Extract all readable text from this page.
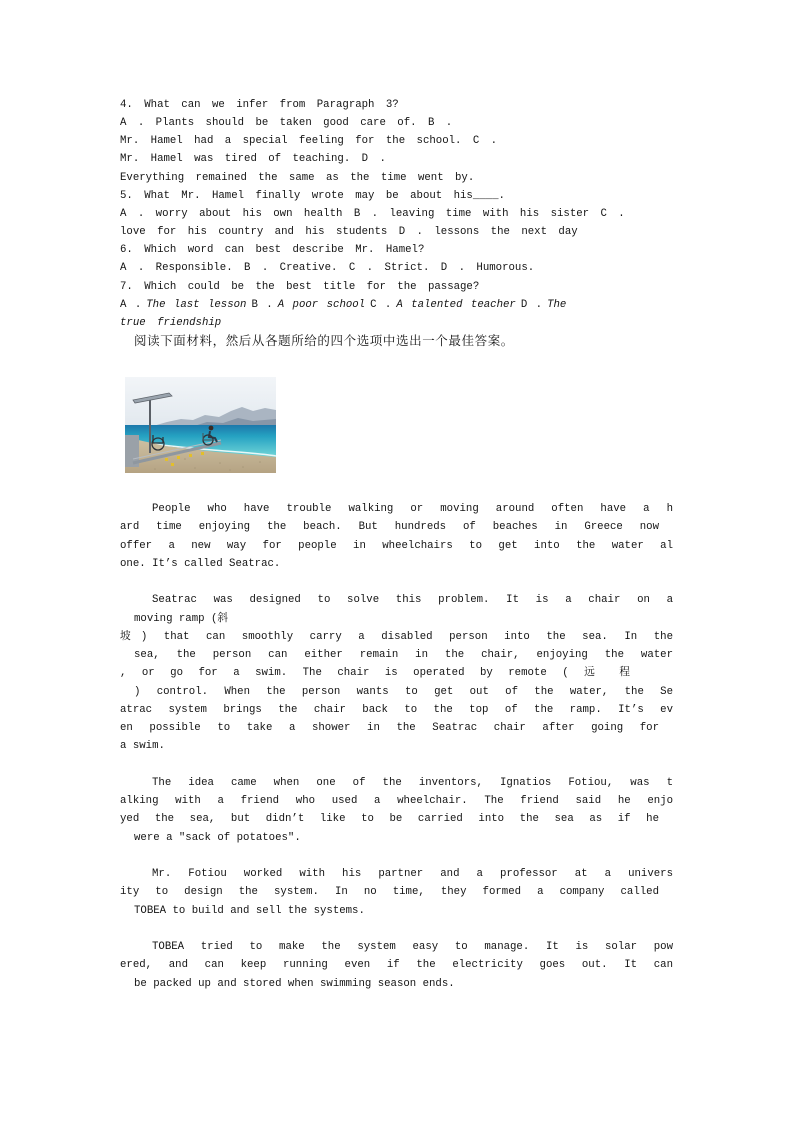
4. What can we infer from Paragraph 3?
A . Plants should be taken good care of. B .
Mr. Hamel had a special feeling for the school. C .
Mr. Hamel was tired of teaching. D .
Everything remained the same as the time went by.
5. What Mr. Hamel finally wrote may be about his____.
A . worry about his own health B . leaving time with his sister C .
love for his country and his students D . lessons the next day
6. Which word can best describe Mr. Hamel?
A . Responsible. B . Creative. C . Strict. D . Humorous.
7. Which could be the best title for the passage?
A . The last lesson B . A poor school C . A talented teacher D . The
true friendship
阅读下面材料，然后从各题所给的四个选项中选出一个最佳答案。
People who have trouble walking or moving around often have a h
ard time enjoying the beach. But hundreds of beaches in Greece now
offer a new way for people in wheelchairs to get into the water al
one. It’s called Seatrac.
Seatrac was designed to solve this problem. It is a chair on a
moving ramp (斜
坡) that can smoothly carry a disabled person into the sea. In the
sea, the person can either remain in the chair, enjoying the water
, or go for a swim. The chair is operated by remote ( 远 程
) control. When the person wants to get out of the water, the Se
atrac system brings the chair back to the top of the ramp. It’s ev
en possible to take a shower in the Seatrac chair after going for
a swim.
The idea came when one of the inventors, Ignatios Fotiou, was t
alking with a friend who used a wheelchair. The friend said he enjo
yed the sea, but didn’t like to be carried into the sea as if he
were a "sack of potatoes".
Mr. Fotiou worked with his partner and a professor at a univers
ity to design the system. In no time, they formed a company called
TOBEA to build and sell the systems.
TOBEA tried to make the system easy to manage. It is solar pow
ered, and can keep running even if the electricity goes out. It can
be packed up and stored when swimming season ends.
